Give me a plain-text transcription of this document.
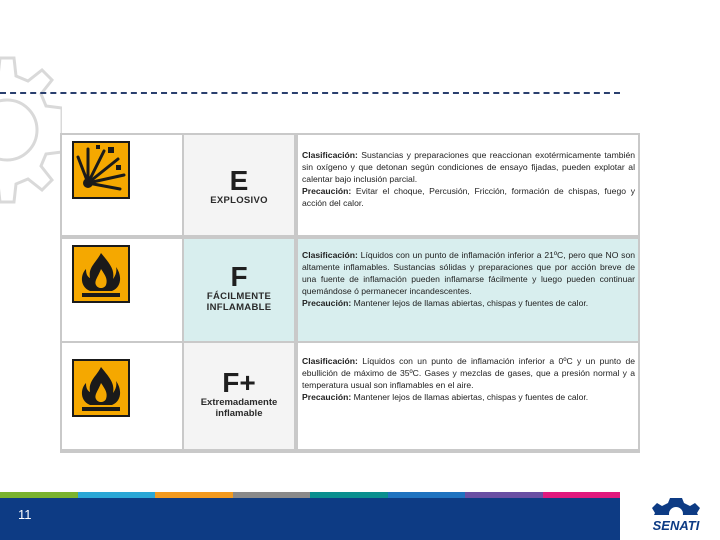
E
EXPLOSIVO
Clasificación: Sustancias y preparaciones que reaccionan exotérmicamente también sin oxígeno y que detonan según condiciones de ensayo fijadas, pueden explotar al calentar bajo inclusión parcial.
Precaución: Evitar el choque, Percusión, Fricción, formación de chispas, fuego y acción del calor.
F
FÁCILMENTE
INFLAMABLE
Clasificación: Líquidos con un punto de inflamación inferior a 21ºC, pero que NO son altamente inflamables. Sustancias sólidas y preparaciones que por acción breve de una fuente de inflamación pueden inflamarse fácilmente y luego pueden continuar quemándose ó permanecer incandescentes.
Precaución: Mantener lejos de llamas abiertas, chispas y fuentes de calor.
F+
Extremadamente
inflamable
Clasificación: Líquidos con un punto de inflamación inferior a 0ºC y un punto de ebullición de máximo de 35ºC. Gases y mezclas de gases, que a presión normal y a temperatura usual son inflamables en el aire.
Precaución: Mantener lejos de llamas abiertas, chispas y fuentes de calor.
11
SENATI
